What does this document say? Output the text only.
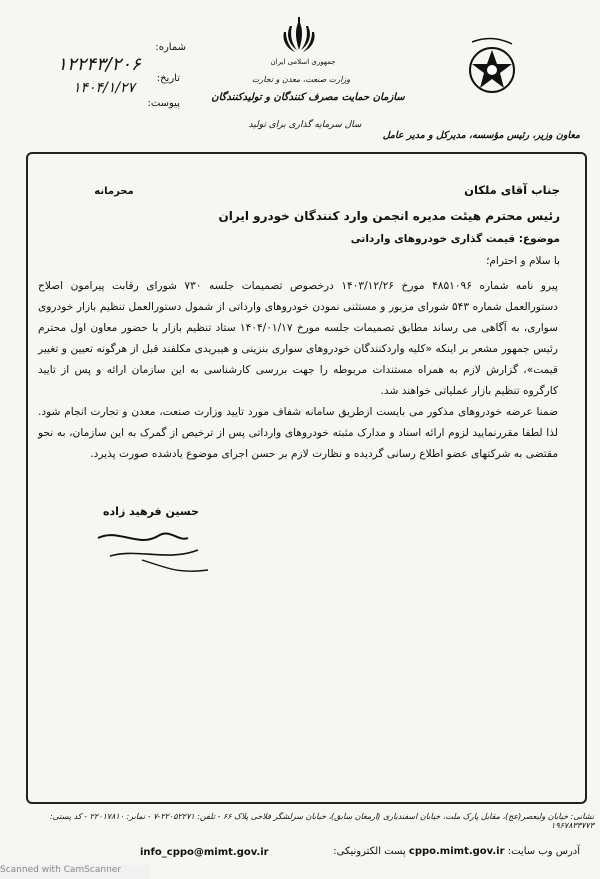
جمهوری اسلامی ایران
وزارت صنعت، معدن و تجارت
سازمان حمایت مصرف کنندگان و تولیدکنندگان
سال سرمایه گذاری برای تولید
شماره:
۱۲۲۴۳/۲۰۶
تاریخ:
۱۴۰۴/۱/۲۷
پیوست:
معاون وزیر، رئیس مؤسسه، مدیرکل و مدیر عامل
محرمانه	جناب آقای ملکان
رئیس محترم هیئت مدیره انجمن وارد کنندگان خودرو ایران
موضوع: قیمت گذاری خودروهای وارداتی
با سلام و احترام؛
پیرو نامه شماره ۴۸۵۱۰۹۶ مورخ ۱۴۰۳/۱۲/۲۶ درخصوص تصمیمات جلسه ۷۳۰ شورای رقابت پیرامون اصلاح دستورالعمل شماره ۵۴۳ شورای مزبور و مستثنی نمودن خودروهای وارداتی از شمول دستورالعمل تنظیم بازار خودروی سواری، به آگاهی می رساند مطابق تصمیمات جلسه مورخ ۱۴۰۴/۰۱/۱۷ ستاد تنظیم بازار با حضور معاون اول محترم رئیس جمهور مشعر بر اینکه «کلیه واردکنندگان خودروهای سواری بنزینی و هیبریدی مکلفند قبل از هرگونه تعیین و تغییر قیمت»، گزارش لازم به همراه مستندات مربوطه را جهت بررسی کارشناسی به این سازمان ارائه و پس از تایید کارگروه تنظیم بازار عملیاتی خواهند شد.
ضمنا عرضه خودروهای مذکور می بایست ازطریق سامانه شفاف مورد تایید وزارت صنعت، معدن و تجارت انجام شود. لذا لطفا مقررنمایید لزوم ارائه اسناد و مدارک مثبته خودروهای وارداتی پس از ترخیص از گمرک به این سازمان، به نحو مقتضی به شرکتهای عضو اطلاع رسانی گردیده و نظارت لازم بر حسن اجرای موضوع یادشده صورت پذیرد.
حسین فرهید زاده
نشانی: خیابان ولیعصر(عج)، مقابل پارک ملت، خیابان اسفندیاری (ارمغان سابق)، خیابان سرلشگر فلاحی پلاک ۶۶ - تلفن: ۲۲۰۵۲۲۷۱-۷ - نمابر: ۲۲۰۱۷۸۱۰ - کد پستی: ۱۹۶۷۸۳۳۷۷۳
آدرس وب سایت: cppo.mimt.gov.ir پست الکترونیکی:
info_cppo@mimt.gov.ir
Scanned with CamScanner
